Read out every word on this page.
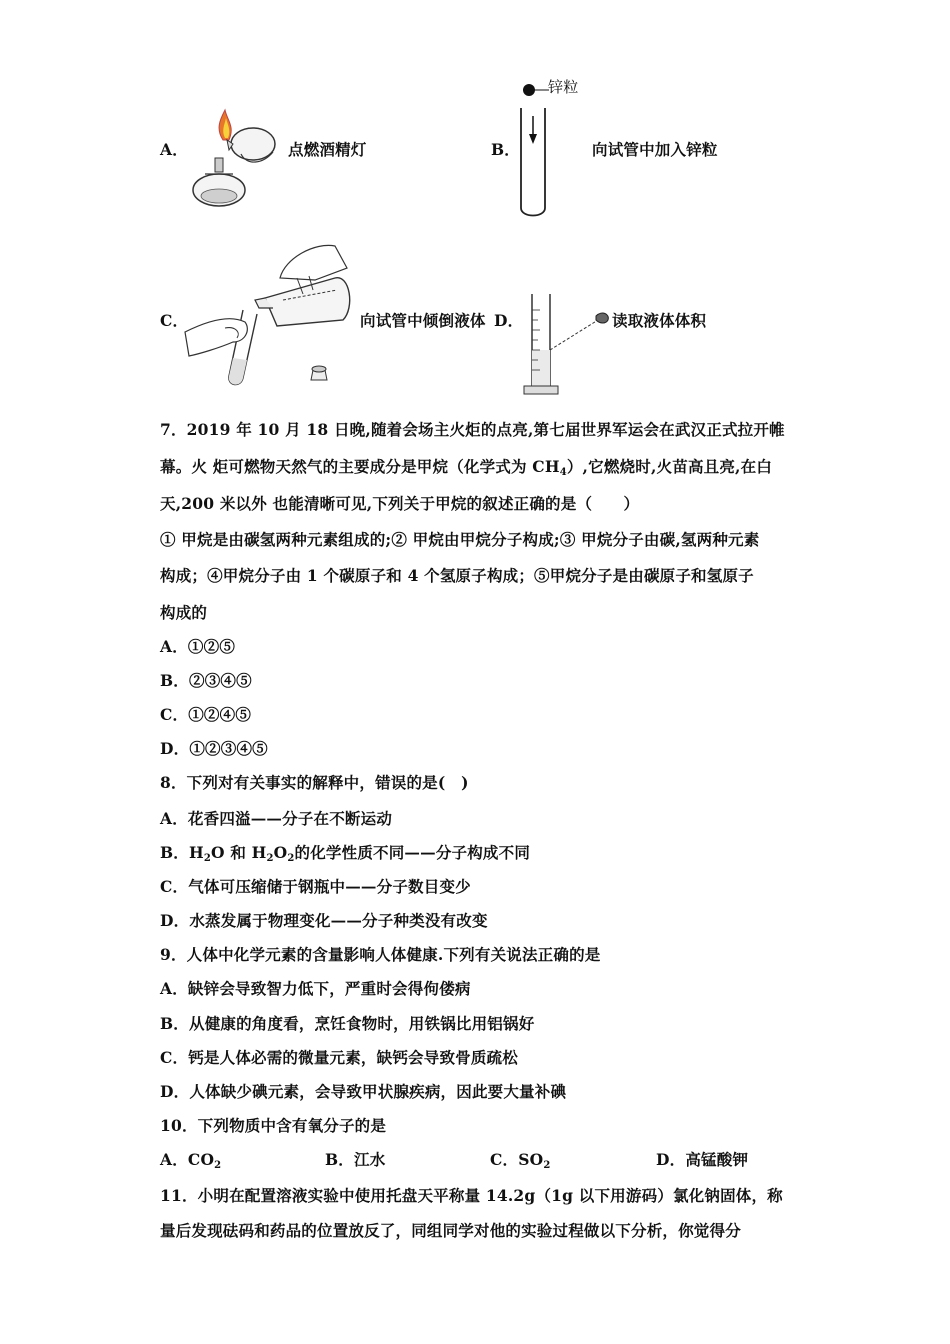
A．	点燃酒精灯	B．
锌粒
向试管中加入锌粒
C．	向试管中倾倒液体 D．	读取液体体积
7．2019 年 10 月 18 日晚,随着会场主火炬的点亮,第七届世界军运会在武汉正式拉开帷
幕。火 炬可燃物天然气的主要成分是甲烷（化学式为 $CH_4$）,它燃烧时,火苗高且亮,在白
天,200 米以外 也能清晰可见,下列关于甲烷的叙述正确的是（　　）
① 甲烷是由碳氢两种元素组成的;② 甲烷由甲烷分子构成;③ 甲烷分子由碳,氢两种元素
构成；④甲烷分子由 1 个碳原子和 4 个氢原子构成；⑤甲烷分子是由碳原子和氢原子
构成的
A．①②⑤
B．②③④⑤
C．①②④⑤
D．①②③④⑤
8．下列对有关事实的解释中，错误的是(　)
A．花香四溢——分子在不断运动
B．$H_2O$ 和 $H_2O_2$的化学性质不同——分子构成不同
C．气体可压缩储于钢瓶中——分子数目变少
D．水蒸发属于物理变化——分子种类没有改变
9．人体中化学元素的含量影响人体健康.下列有关说法正确的是
A．缺锌会导致智力低下，严重时会得佝偻病
B．从健康的角度看，烹饪食物时，用铁锅比用铝锅好
C．钙是人体必需的微量元素，缺钙会导致骨质疏松
D．人体缺少碘元素，会导致甲状腺疾病，因此要大量补碘
10．下列物质中含有氧分子的是
A．$CO_2$	B．江水	C．$SO_2$	D．高锰酸钾
11．小明在配置溶液实验中使用托盘天平称量 14.2g（1g 以下用游码）氯化钠固体，称
量后发现砝码和药品的位置放反了，同组同学对他的实验过程做以下分析，你觉得分
